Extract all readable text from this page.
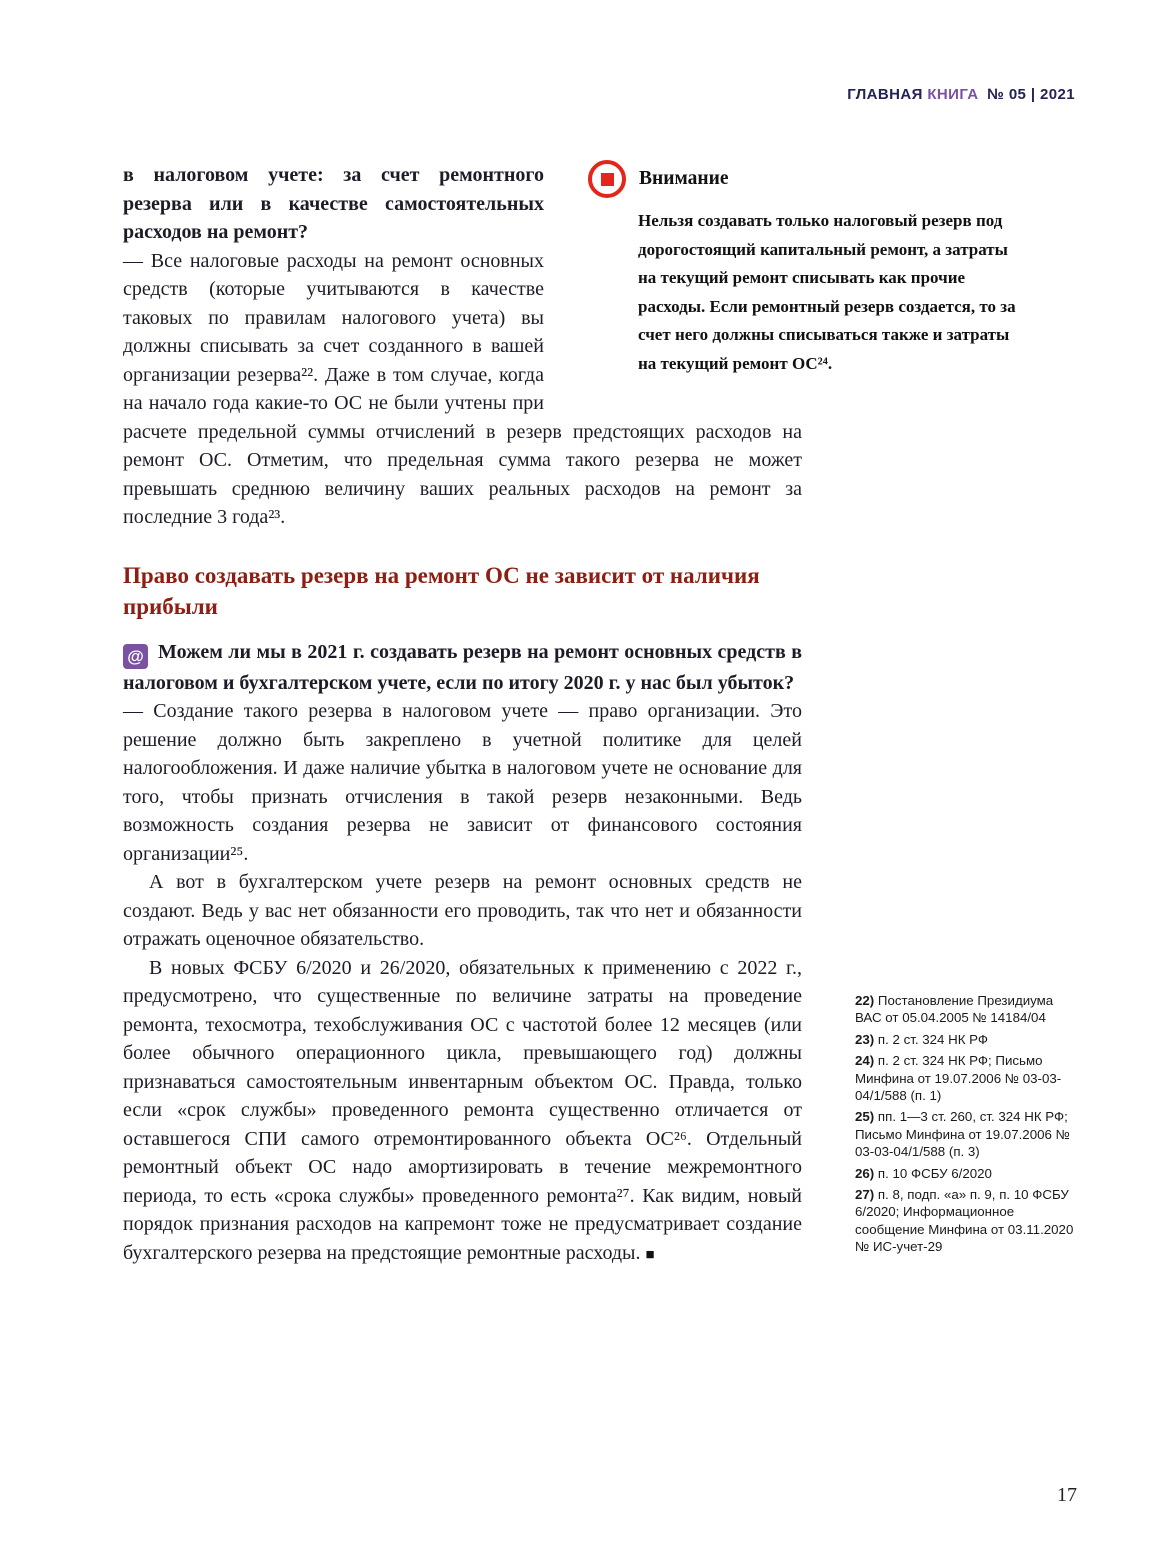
ГЛАВНАЯ КНИГА № 05 | 2021
Внимание
Нельзя создавать только налоговый резерв под дорогостоящий капитальный ремонт, а затраты на текущий ремонт списывать как прочие расходы. Если ремонтный резерв создается, то за счет него должны списываться также и затраты на текущий ремонт ОС²⁴.

в налоговом учете: за счет ремонтного резерва или в качестве самостоятельных расходов на ремонт?

— Все налоговые расходы на ремонт основных средств (которые учитываются в качестве таковых по правилам налогового учета) вы должны списывать за счет созданного в вашей организации резерва²². Даже в том случае, когда на начало года какие-то ОС не были учтены при расчете предельной суммы отчислений в резерв предстоящих расходов на ремонт ОС. Отметим, что предельная сумма такого резерва не может превышать среднюю величину ваших реальных расходов на ремонт за последние 3 года²³.

Право создавать резерв на ремонт ОС не зависит от наличия прибыли

@ Можем ли мы в 2021 г. создавать резерв на ремонт основных средств в налоговом и бухгалтерском учете, если по итогу 2020 г. у нас был убыток?

— Создание такого резерва в налоговом учете — право организации. Это решение должно быть закреплено в учетной политике для целей налогообложения. И даже наличие убытка в налоговом учете не основание для того, чтобы признать отчисления в такой резерв незаконными. Ведь возможность создания резерва не зависит от финансового состояния организации²⁵.

А вот в бухгалтерском учете резерв на ремонт основных средств не создают. Ведь у вас нет обязанности его проводить, так что нет и обязанности отражать оценочное обязательство.

В новых ФСБУ 6/2020 и 26/2020, обязательных к применению с 2022 г., предусмотрено, что существенные по величине затраты на проведение ремонта, техосмотра, техобслуживания ОС с частотой более 12 месяцев (или более обычного операционного цикла, превышающего год) должны признаваться самостоятельным инвентарным объектом ОС. Правда, только если «срок службы» проведенного ремонта существенно отличается от оставшегося СПИ самого отремонтированного объекта ОС²⁶. Отдельный ремонтный объект ОС надо амортизировать в течение межремонтного периода, то есть «срока службы» проведенного ремонта²⁷. Как видим, новый порядок признания расходов на капремонт тоже не предусматривает создание бухгалтерского резерва на предстоящие ремонтные расходы. ■

22) Постановление Президиума ВАС от 05.04.2005 № 14184/04

23) п. 2 ст. 324 НК РФ

24) п. 2 ст. 324 НК РФ; Письмо Минфина от 19.07.2006 № 03-03-04/1/588 (п. 1)

25) пп. 1—3 ст. 260, ст. 324 НК РФ; Письмо Минфина от 19.07.2006 № 03-03-04/1/588 (п. 3)

26) п. 10 ФСБУ 6/2020

27) п. 8, подп. «а» п. 9, п. 10 ФСБУ 6/2020; Информационное сообщение Минфина от 03.11.2020 № ИС-учет-29

17
